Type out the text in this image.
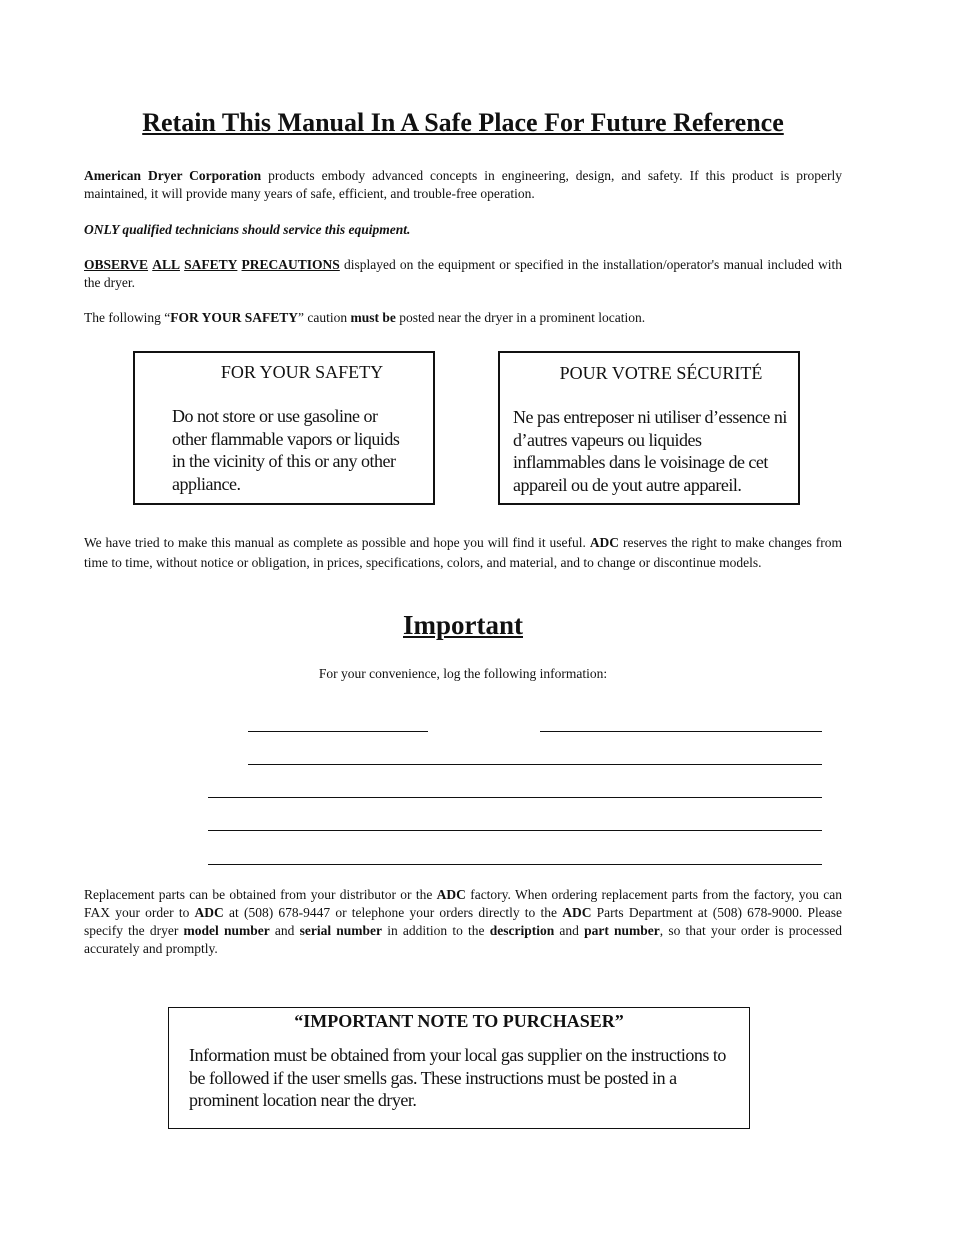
Retain This Manual In A Safe Place For Future Reference
American Dryer Corporation products embody advanced concepts in engineering, design, and safety. If this product is properly maintained, it will provide many years of safe, efficient, and trouble-free operation.
ONLY qualified technicians should service this equipment.
OBSERVE ALL SAFETY PRECAUTIONS displayed on the equipment or specified in the installation/operator's manual included with the dryer.
The following “FOR YOUR SAFETY” caution must be posted near the dryer in a prominent location.
FOR YOUR SAFETY
Do not store or use gasoline or other flammable vapors or liquids in the vicinity of this or any other appliance.
POUR VOTRE SÉCURITÉ
Ne pas entreposer ni utiliser d’essence ni d’autres vapeurs ou liquides inflammables dans le voisinage de cet appareil ou de yout autre appareil.
We have tried to make this manual as complete as possible and hope you will find it useful. ADC reserves the right to make changes from time to time, without notice or obligation, in prices, specifications, colors, and material, and to change or discontinue models.
Important
For your convenience, log the following information:
Replacement parts can be obtained from your distributor or the ADC factory. When ordering replacement parts from the factory, you can FAX your order to ADC at (508) 678-9447 or telephone your orders directly to the ADC Parts Department at (508) 678-9000. Please specify the dryer model number and serial number in addition to the description and part number, so that your order is processed accurately and promptly.
“IMPORTANT NOTE TO PURCHASER”
Information must be obtained from your local gas supplier on the instructions to be followed if the user smells gas. These instructions must be posted in a prominent location near the dryer.
